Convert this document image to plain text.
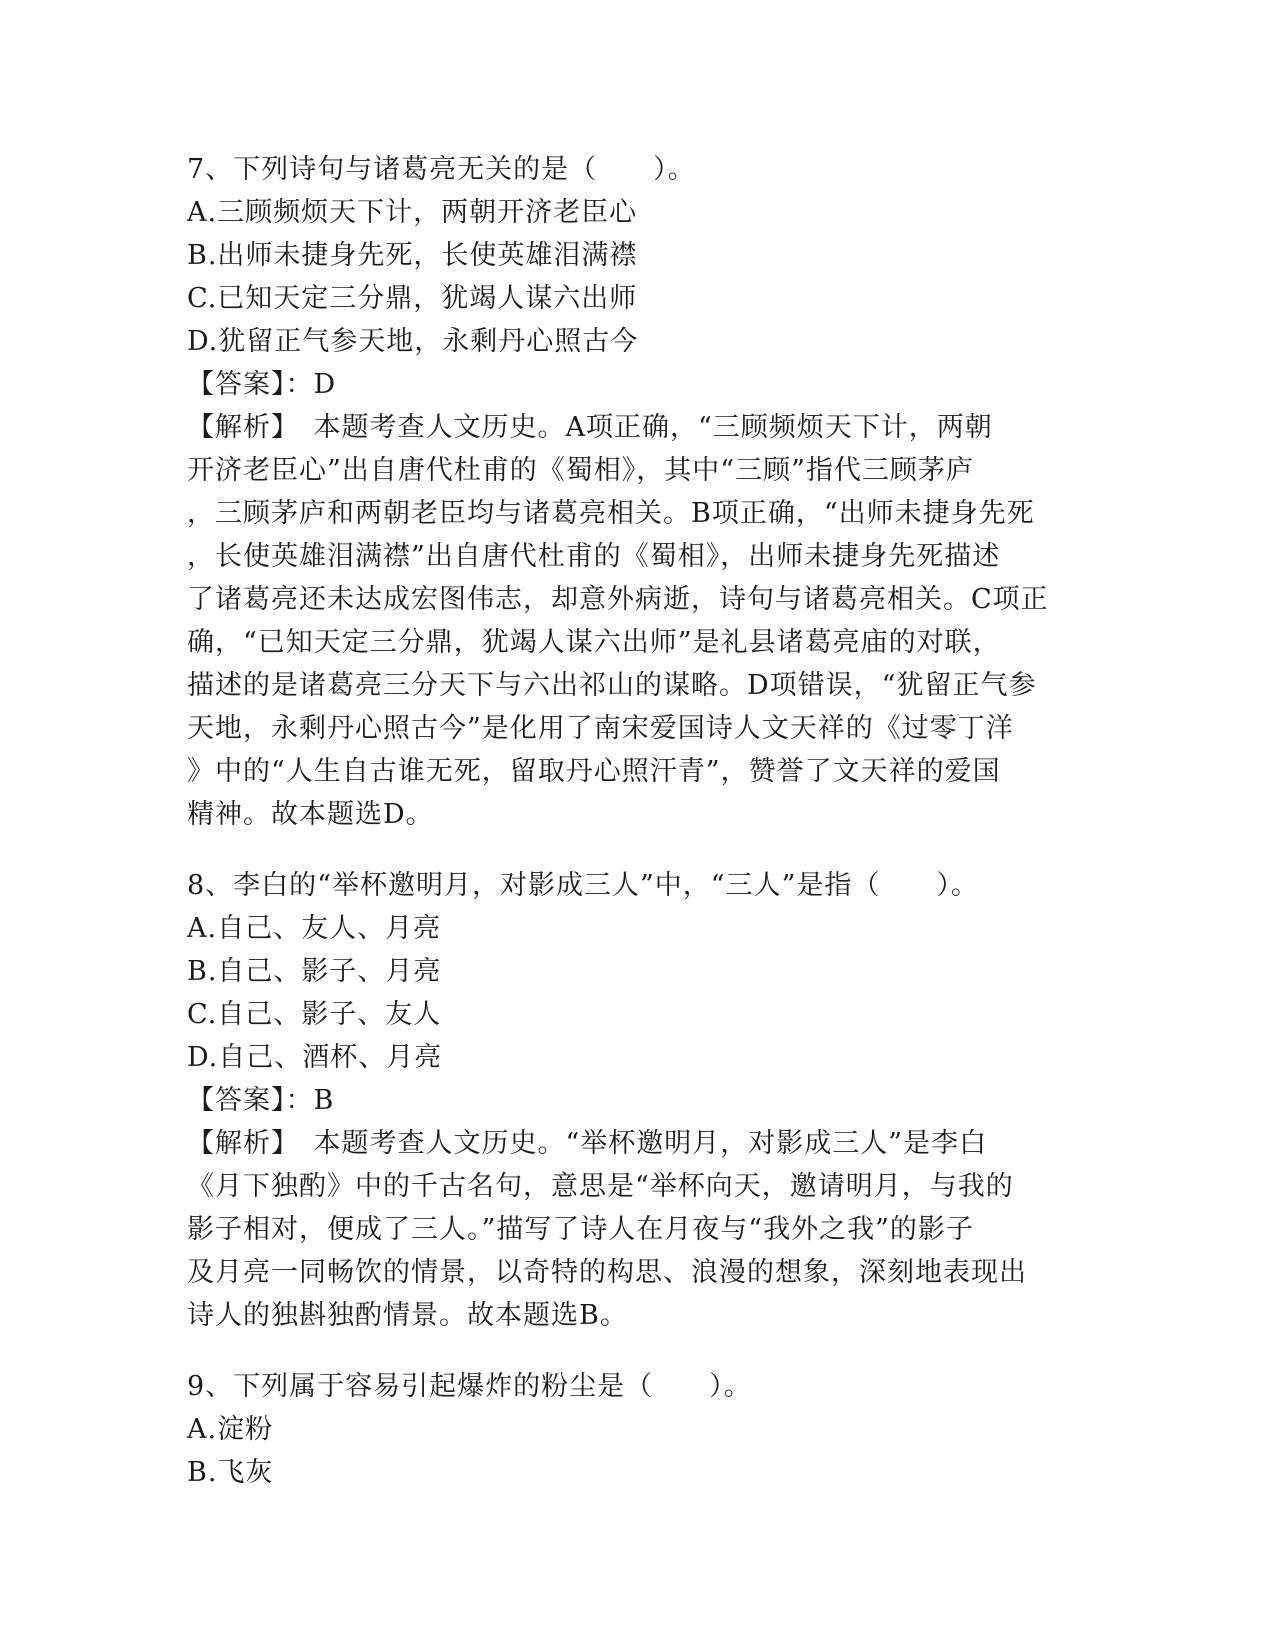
7、下列诗句与诸葛亮无关的是（　　）。
A.三顾频烦天下计，两朝开济老臣心
B.出师未捷身先死，长使英雄泪满襟
C.已知天定三分鼎，犹竭人谋六出师
D.犹留正气参天地，永剩丹心照古今
【答案】：D
【解析】　本题考查人文历史。A项正确，“三顾频烦天下计，两朝
开济老臣心”出自唐代杜甫的《蜀相》，其中“三顾”指代三顾茅庐
，三顾茅庐和两朝老臣均与诸葛亮相关。B项正确，“出师未捷身先死
，长使英雄泪满襟”出自唐代杜甫的《蜀相》，出师未捷身先死描述
了诸葛亮还未达成宏图伟志，却意外病逝，诗句与诸葛亮相关。C项正
确，“已知天定三分鼎，犹竭人谋六出师”是礼县诸葛亮庙的对联，
描述的是诸葛亮三分天下与六出祁山的谋略。D项错误，“犹留正气参
天地，永剩丹心照古今”是化用了南宋爱国诗人文天祥的《过零丁洋
》中的“人生自古谁无死，留取丹心照汗青”，赞誉了文天祥的爱国
精神。故本题选D。
8、李白的“举杯邀明月，对影成三人”中，“三人”是指（　　）。
A.自己、友人、月亮
B.自己、影子、月亮
C.自己、影子、友人
D.自己、酒杯、月亮
【答案】：B
【解析】　本题考查人文历史。“举杯邀明月，对影成三人”是李白
《月下独酌》中的千古名句，意思是“举杯向天，邀请明月，与我的
影子相对，便成了三人。”描写了诗人在月夜与“我外之我”的影子
及月亮一同畅饮的情景，以奇特的构思、浪漫的想象，深刻地表现出
诗人的独斟独酌情景。故本题选B。
9、下列属于容易引起爆炸的粉尘是（　　）。
A.淀粉
B.飞灰
